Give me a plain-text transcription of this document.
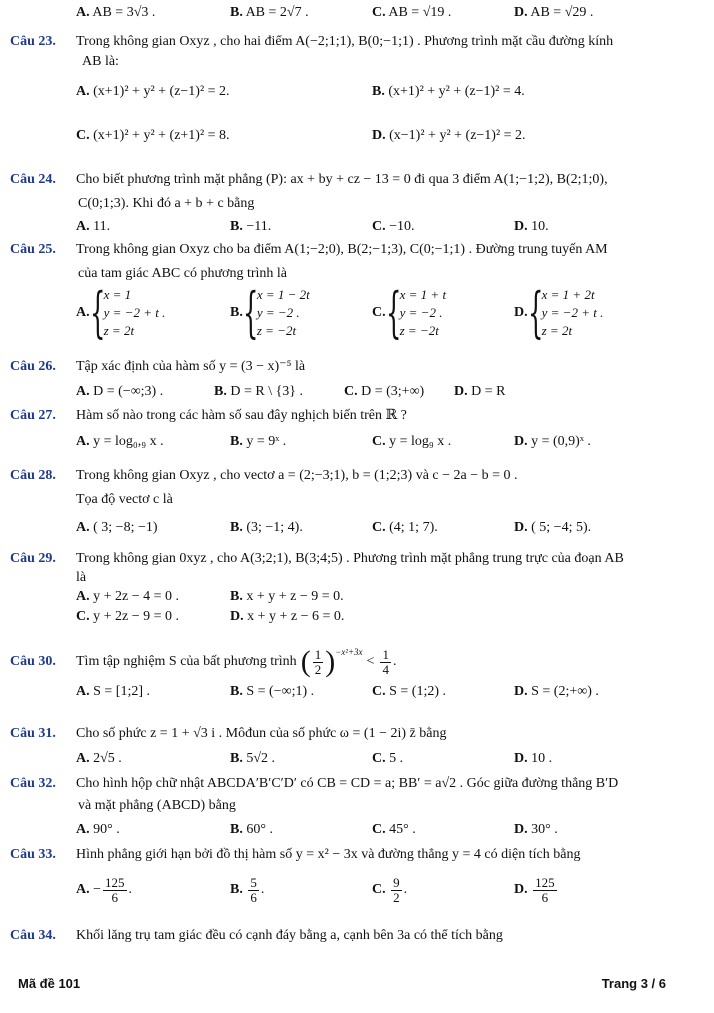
A. AB = 3√3 .	B. AB = 2√7 .	C. AB = √19 .	D. AB = √29 .
Câu 23. Trong không gian Oxyz , cho hai điểm A(−2;1;1), B(0;−1;1) . Phương trình mặt cầu đường kính
AB là:
A. (x+1)² + y² + (z−1)² = 2.	B. (x+1)² + y² + (z−1)² = 4.
C. (x+1)² + y² + (z+1)² = 8.	D. (x−1)² + y² + (z−1)² = 2.
Câu 24. Cho biết phương trình mặt phẳng (P): ax + by + cz − 13 = 0 đi qua 3 điểm A(1;−1;2), B(2;1;0),
C(0;1;3). Khi đó a + b + c bằng
A. 11.	B. −11.	C. −10.	D. 10.
Câu 25. Trong không gian Oxyz cho ba điểm A(1;−2;0), B(2;−1;3), C(0;−1;1) . Đường trung tuyến AM
của tam giác ABC có phương trình là
A. {
x = 1
y = −2 + t .
z = 2t
B. {
x = 1 − 2t
y = −2 .
z = −2t
C. {
x = 1 + t
y = −2 .
z = −2t
D. {
x = 1 + 2t
y = −2 + t .
z = 2t
Câu 26. Tập xác định của hàm số y = (3 − x)⁻⁵ là
A. D = (−∞;3) .	B. D = R \ {3} .	C. D = (3;+∞) D. D = R
Câu 27. Hàm số nào trong các hàm số sau đây nghịch biến trên ℝ ?
A. y = log₀,₉ x .	B. y = 9ˣ .	C. y = log₉ x .	D. y = (0,9)ˣ .
Câu 28. Trong không gian Oxyz , cho vectơ a = (2;−3;1), b = (1;2;3) và c − 2a − b = 0 .
Tọa độ vectơ c là
A. ( 3; −8; −1)	B. (3; −1; 4).	C. (4; 1; 7).	D. ( 5; −4; 5).
Câu 29. Trong không gian 0xyz , cho A(3;2;1), B(3;4;5) . Phương trình mặt phẳng trung trực của đoạn AB
là
A. y + 2z − 4 = 0 .	B. x + y + z − 9 = 0.
C. y + 2z − 9 = 0 .	D. x + y + z − 6 = 0.
Câu 30. Tìm tập nghiệm S của bất phương trình ( $\frac{1}{2} )^{-x^2+3x}$
< $\frac{1}{4}$ .
A. S = [1;2] .	B. S = (−∞;1) .	C. S = (1;2) .	D. S = (2;+∞) .
Câu 31. Cho số phức z = 1 + √3 i . Môđun của số phức ω = (1 − 2i) z̄ bằng
A. 2√5 .	B. 5√2 .	C. 5 .	D. 10 .
Câu 32. Cho hình hộp chữ nhật ABCDA′B′C′D′ có CB = CD = a; BB′ = a√2 . Góc giữa đường thẳng B′D
và mặt phẳng (ABCD) bằng
A. 90° .	B. 60° .	C. 45° .	D. 30° .
Câu 33. Hình phẳng giới hạn bởi đồ thị hàm số y = x² − 3x và đường thẳng y = 4 có diện tích bằng
A.
− $\frac{125}{6}$ .	B.
$\frac{5}{6}$ .	C.
$\frac{9}{2}$ .	D.
$\frac{125}{6}$
Câu 34. Khối lăng trụ tam giác đều có cạnh đáy bằng a, cạnh bên 3a có thể tích bằng
Mã đề 101	Trang 3 / 6
